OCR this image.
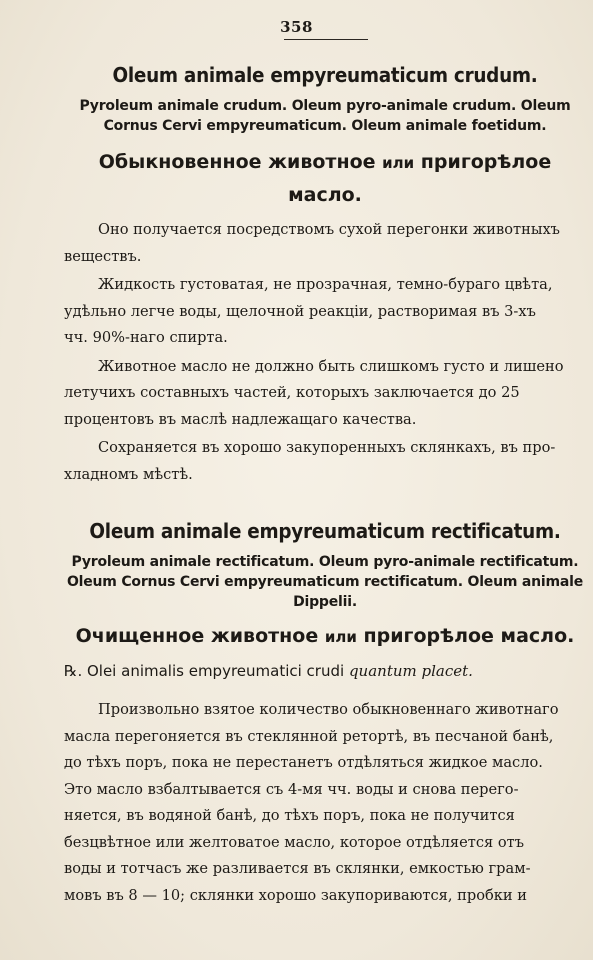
358
Oleum animale empyreumaticum crudum.
Pyroleum animale crudum. Oleum pyro-animale crudum. Oleum
Cornus Cervi empyreumaticum. Oleum animale foetidum.
Обыкновенное животное или пригорѣлое масло.
Оно получается посредствомъ сухой перегонки животныхъ
веществъ.
Жидкость густоватая, не прозрачная, темно-бураго цвѣта,
удѣльно легче воды, щелочной реакціи, растворимая въ 3-хъ
чч. 90%-наго спирта.
Животное масло не должно быть слишкомъ густо и лишено
летучихъ составныхъ частей, которыхъ заключается до 25
процентовъ въ маслѣ надлежащаго качества.
Сохраняется въ хорошо закупоренныхъ склянкахъ, въ про-
хладномъ мѣстѣ.
Oleum animale empyreumaticum rectificatum.
Pyroleum animale rectificatum. Oleum pyro-animale rectificatum.
Oleum Cornus Cervi empyreumaticum rectificatum. Oleum animale
Dippelii.
Очищенное животное или пригорѣлое масло.

℞. Olei animalis empyreumatici crudi quantum placet.

Произвольно взятое количество обыкновеннаго животнаго
масла перегоняется въ стеклянной ретортѣ, въ песчаной банѣ,
до тѣхъ поръ, пока не перестанетъ отдѣляться жидкое масло.
Это масло взбалтывается съ 4-мя чч. воды и снова перего-
няется, въ водяной банѣ, до тѣхъ поръ, пока не получится
безцвѣтное или желтоватое масло, которое отдѣляется отъ
воды и тотчасъ же разливается въ склянки, емкостью грам-
мовъ въ 8 — 10; склянки хорошо закупориваются, пробки и
